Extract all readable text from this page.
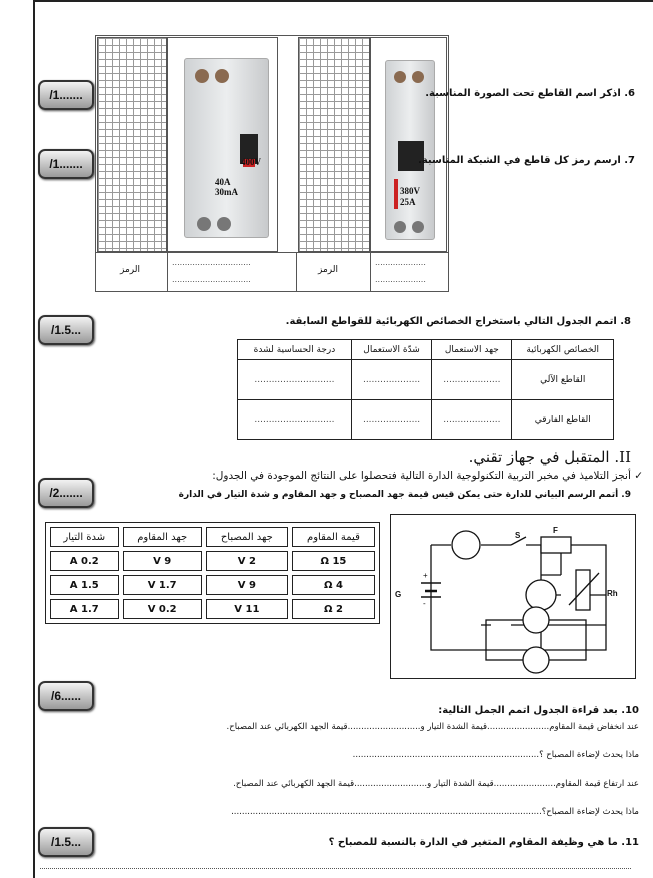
/1.......
/1.......
/1.5...
/2.......
/6......
/1.5...
400V
40A
30mA	380V
25A
الرمز
...............................
...............................
الرمز
....................
....................
6. اذكر اسم القاطع تحت الصورة المناسبة.
7. ارسم رمز كل قاطع في الشبكة المناسبة.
8. اتمم الجدول التالي باستخراج الخصائص الكهربائية للقواطع السابقة.
الخصائص الكهربائية	جهد الاستعمال	شدّة الاستعمال	درجة الحساسية لشدة
القاطع الآلي	....................	....................	............................
القاطع الفارقي	....................	....................	............................
II. المتقبل في جهاز تقني.
✓ أنجز التلاميذ في مخبر التربية التكنولوجية الدارة التالية فتحصلوا على النتائج الموجودة في الجدول:
9. أتمم الرسم البياني للدارة حتى يمكن قيس قيمة جهد المصباح و جهد المقاوم و شدة التيار في الدارة
قيمة المقاوم	جهد المصباح	جهد المقاوم	شدة التيار
15 Ω	2 V	9 V	0.2 A
4 Ω	9 V	1.7 V	1.5 A
2 Ω	11 V	0.2 V	1.7 A
S
F
G	Rh
+
-
10. بعد قراءة الجدول اتمم الجمل التالية:
عند انخفاض قيمة المقاوم.......................قيمة الشدة التيار و...........................قيمة الجهد الكهربائي عند المصباح.
ماذا يحدث لإضاءة المصباح ؟.....................................................................
عند ارتفاع قيمة المقاوم.......................قيمة الشدة التيار و...........................قيمة الجهد الكهربائي عند المصباح.
ماذا يحدث لإضاءة المصباح؟...................................................................................................................
11. ما هي وظيفة المقاوم المتغير في الدارة بالنسبة للمصباح ؟
